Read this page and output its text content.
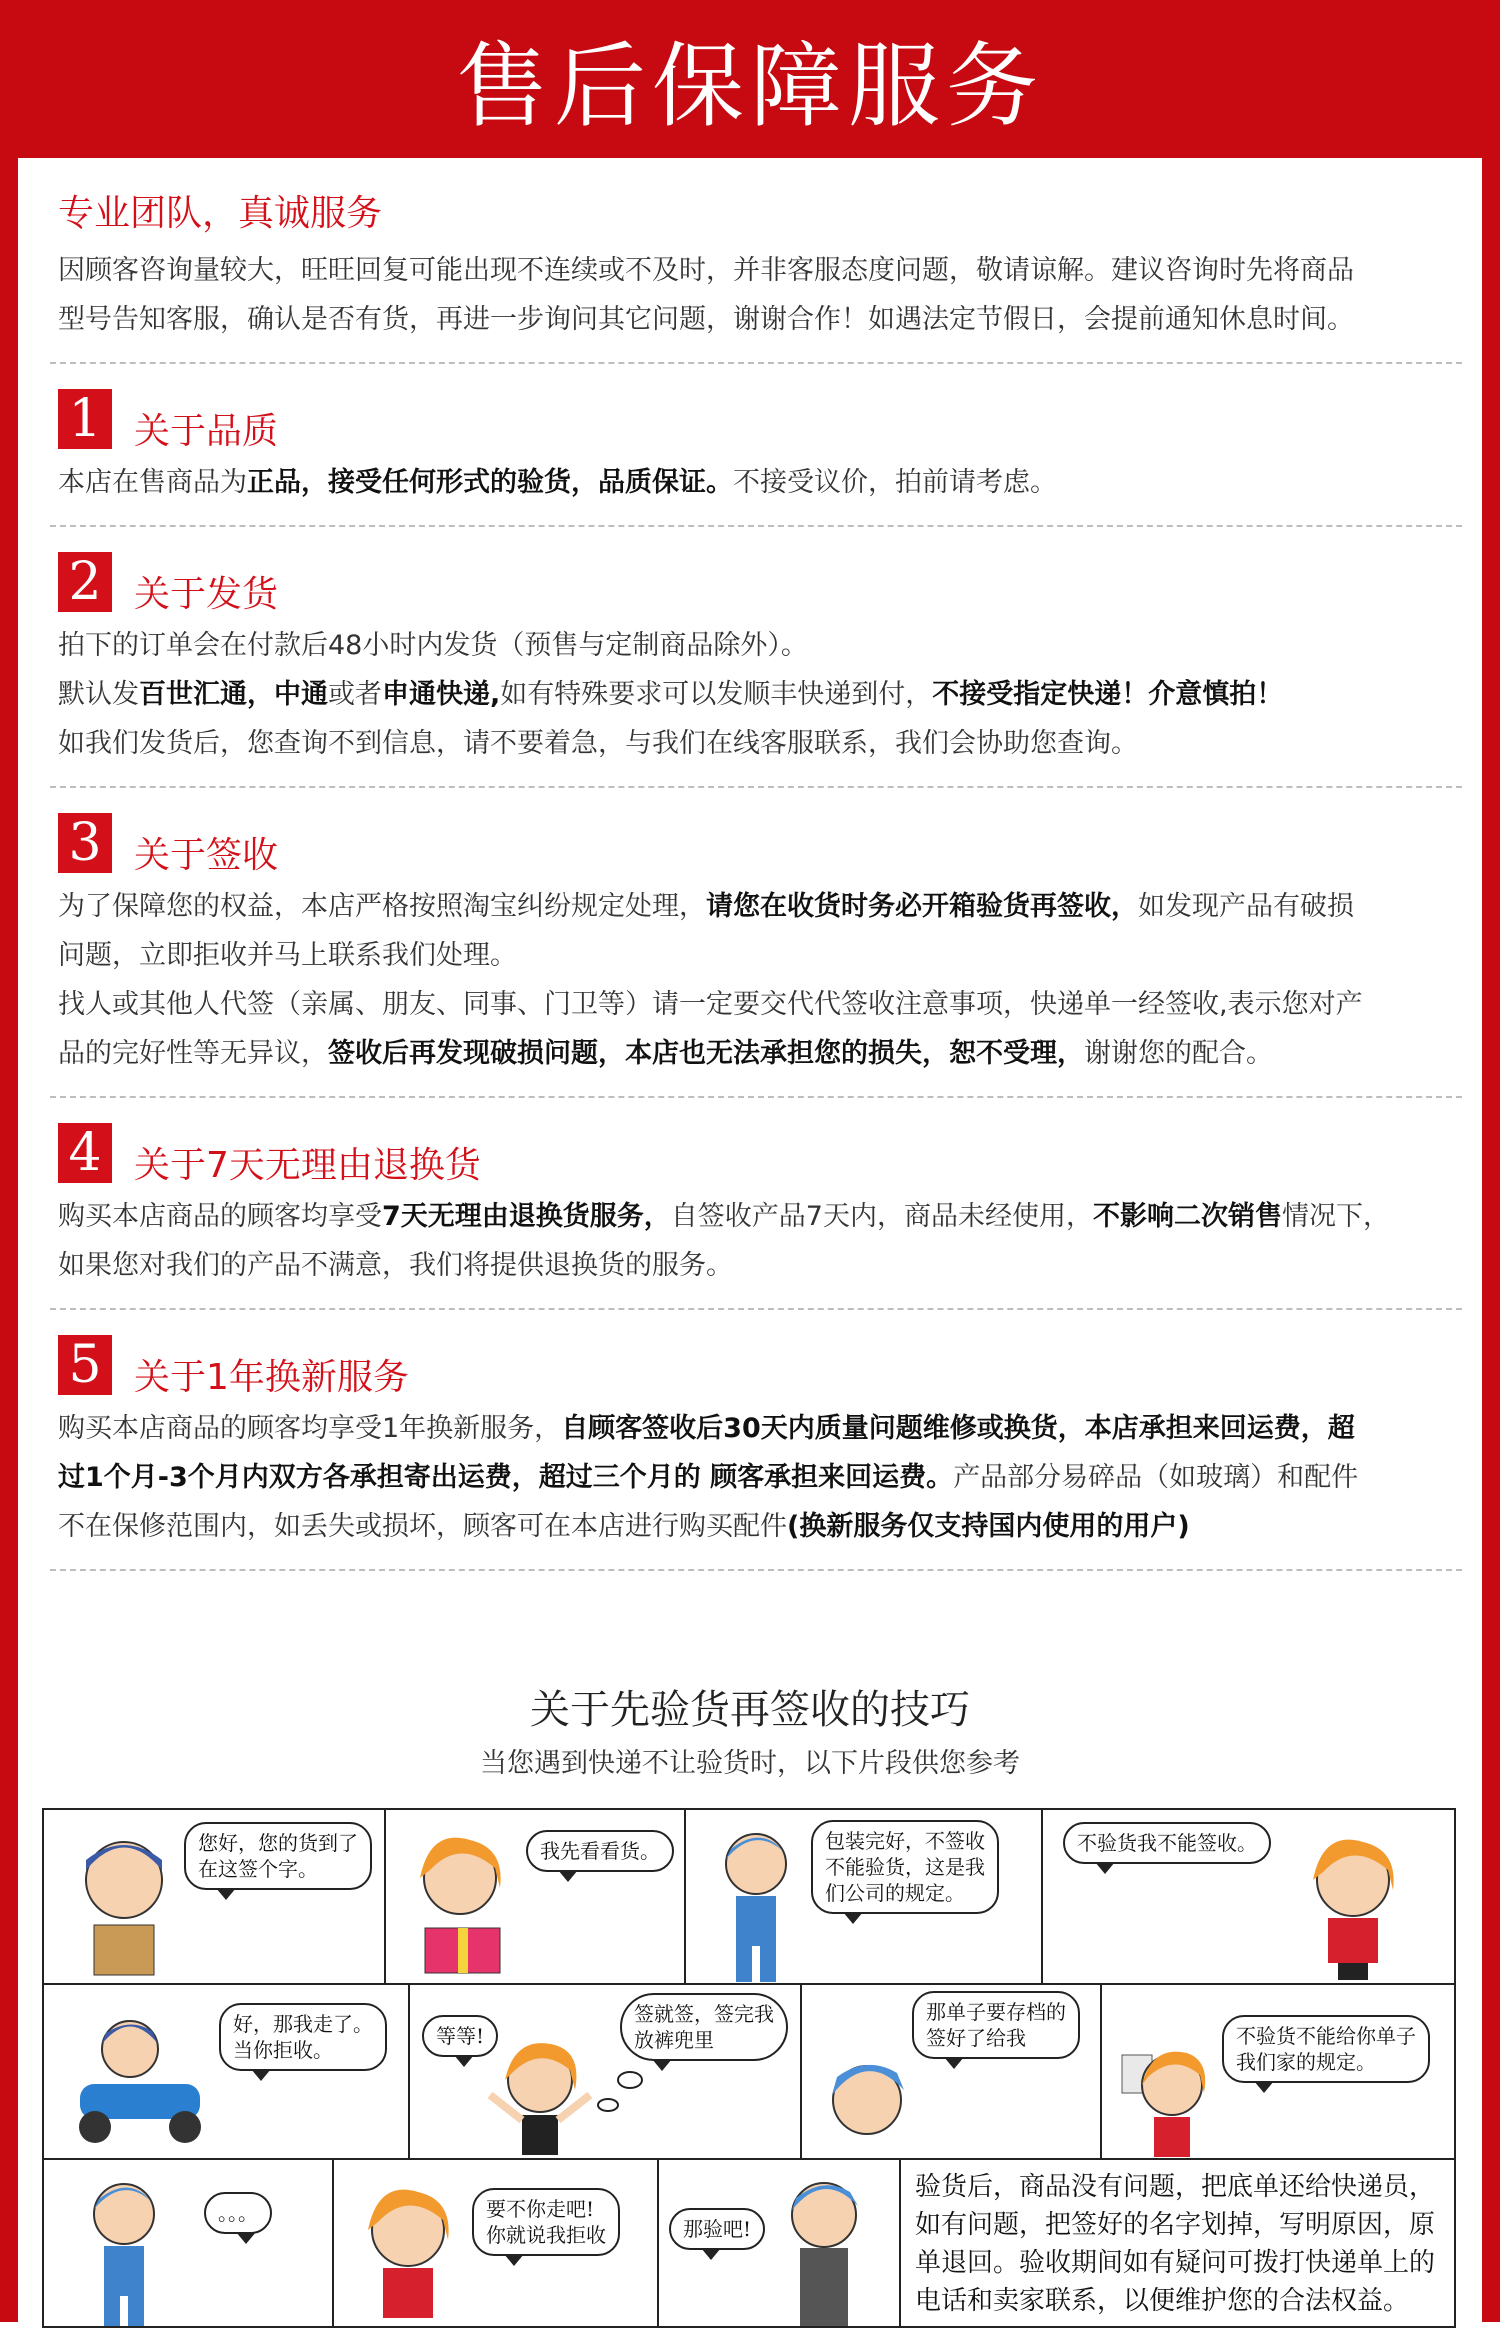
售后保障服务
专业团队，真诚服务

因顾客咨询量较大，旺旺回复可能出现不连续或不及时，并非客服态度问题，敬请谅解。建议咨询时先将商品

型号告知客服，确认是否有货，再进一步询问其它问题，谢谢合作！如遇法定节假日，会提前通知休息时间。

1 关于品质

本店在售商品为正品，接受任何形式的验货，品质保证。不接受议价，拍前请考虑。

2 关于发货

拍下的订单会在付款后48小时内发货（预售与定制商品除外）。

默认发百世汇通，中通或者申通快递,如有特殊要求可以发顺丰快递到付，不接受指定快递！介意慎拍！

如我们发货后，您查询不到信息，请不要着急，与我们在线客服联系，我们会协助您查询。

3 关于签收

为了保障您的权益，本店严格按照淘宝纠纷规定处理，请您在收货时务必开箱验货再签收，如发现产品有破损

问题，立即拒收并马上联系我们处理。

找人或其他人代签（亲属、朋友、同事、门卫等）请一定要交代代签收注意事项，快递单一经签收,表示您对产

品的完好性等无异议，签收后再发现破损问题，本店也无法承担您的损失，恕不受理，谢谢您的配合。

4 关于7天无理由退换货

购买本店商品的顾客均享受7天无理由退换货服务，自签收产品7天内，商品未经使用，不影响二次销售情况下，

如果您对我们的产品不满意，我们将提供退换货的服务。

5 关于1年换新服务

购买本店商品的顾客均享受1年换新服务，自顾客签收后30天内质量问题维修或换货，本店承担来回运费，超

过1个月-3个月内双方各承担寄出运费，超过三个月的 顾客承担来回运费。产品部分易碎品（如玻璃）和配件

不在保修范围内，如丢失或损坏，顾客可在本店进行购买配件(换新服务仅支持国内使用的用户)

关于先验货再签收的技巧
当您遇到快递不让验货时，以下片段供您参考
您好，您的货到了
在这签个字。
我先看看货。	包装完好，不签收
不能验货，这是我
们公司的规定。
不验货我不能签收。
好，那我走了。
当你拒收。
等等!
签就签，签完我
放裤兜里
那单子要存档的
签好了给我	不验货不能给你单子
我们家的规定。
。。。	要不你走吧!
你就说我拒收	那验吧!
验货后，商品没有问题，把底单还给快递员，如有问题，把签好的名字划掉，写明原因，原单退回。验收期间如有疑问可拨打快递单上的电话和卖家联系，以便维护您的合法权益。
